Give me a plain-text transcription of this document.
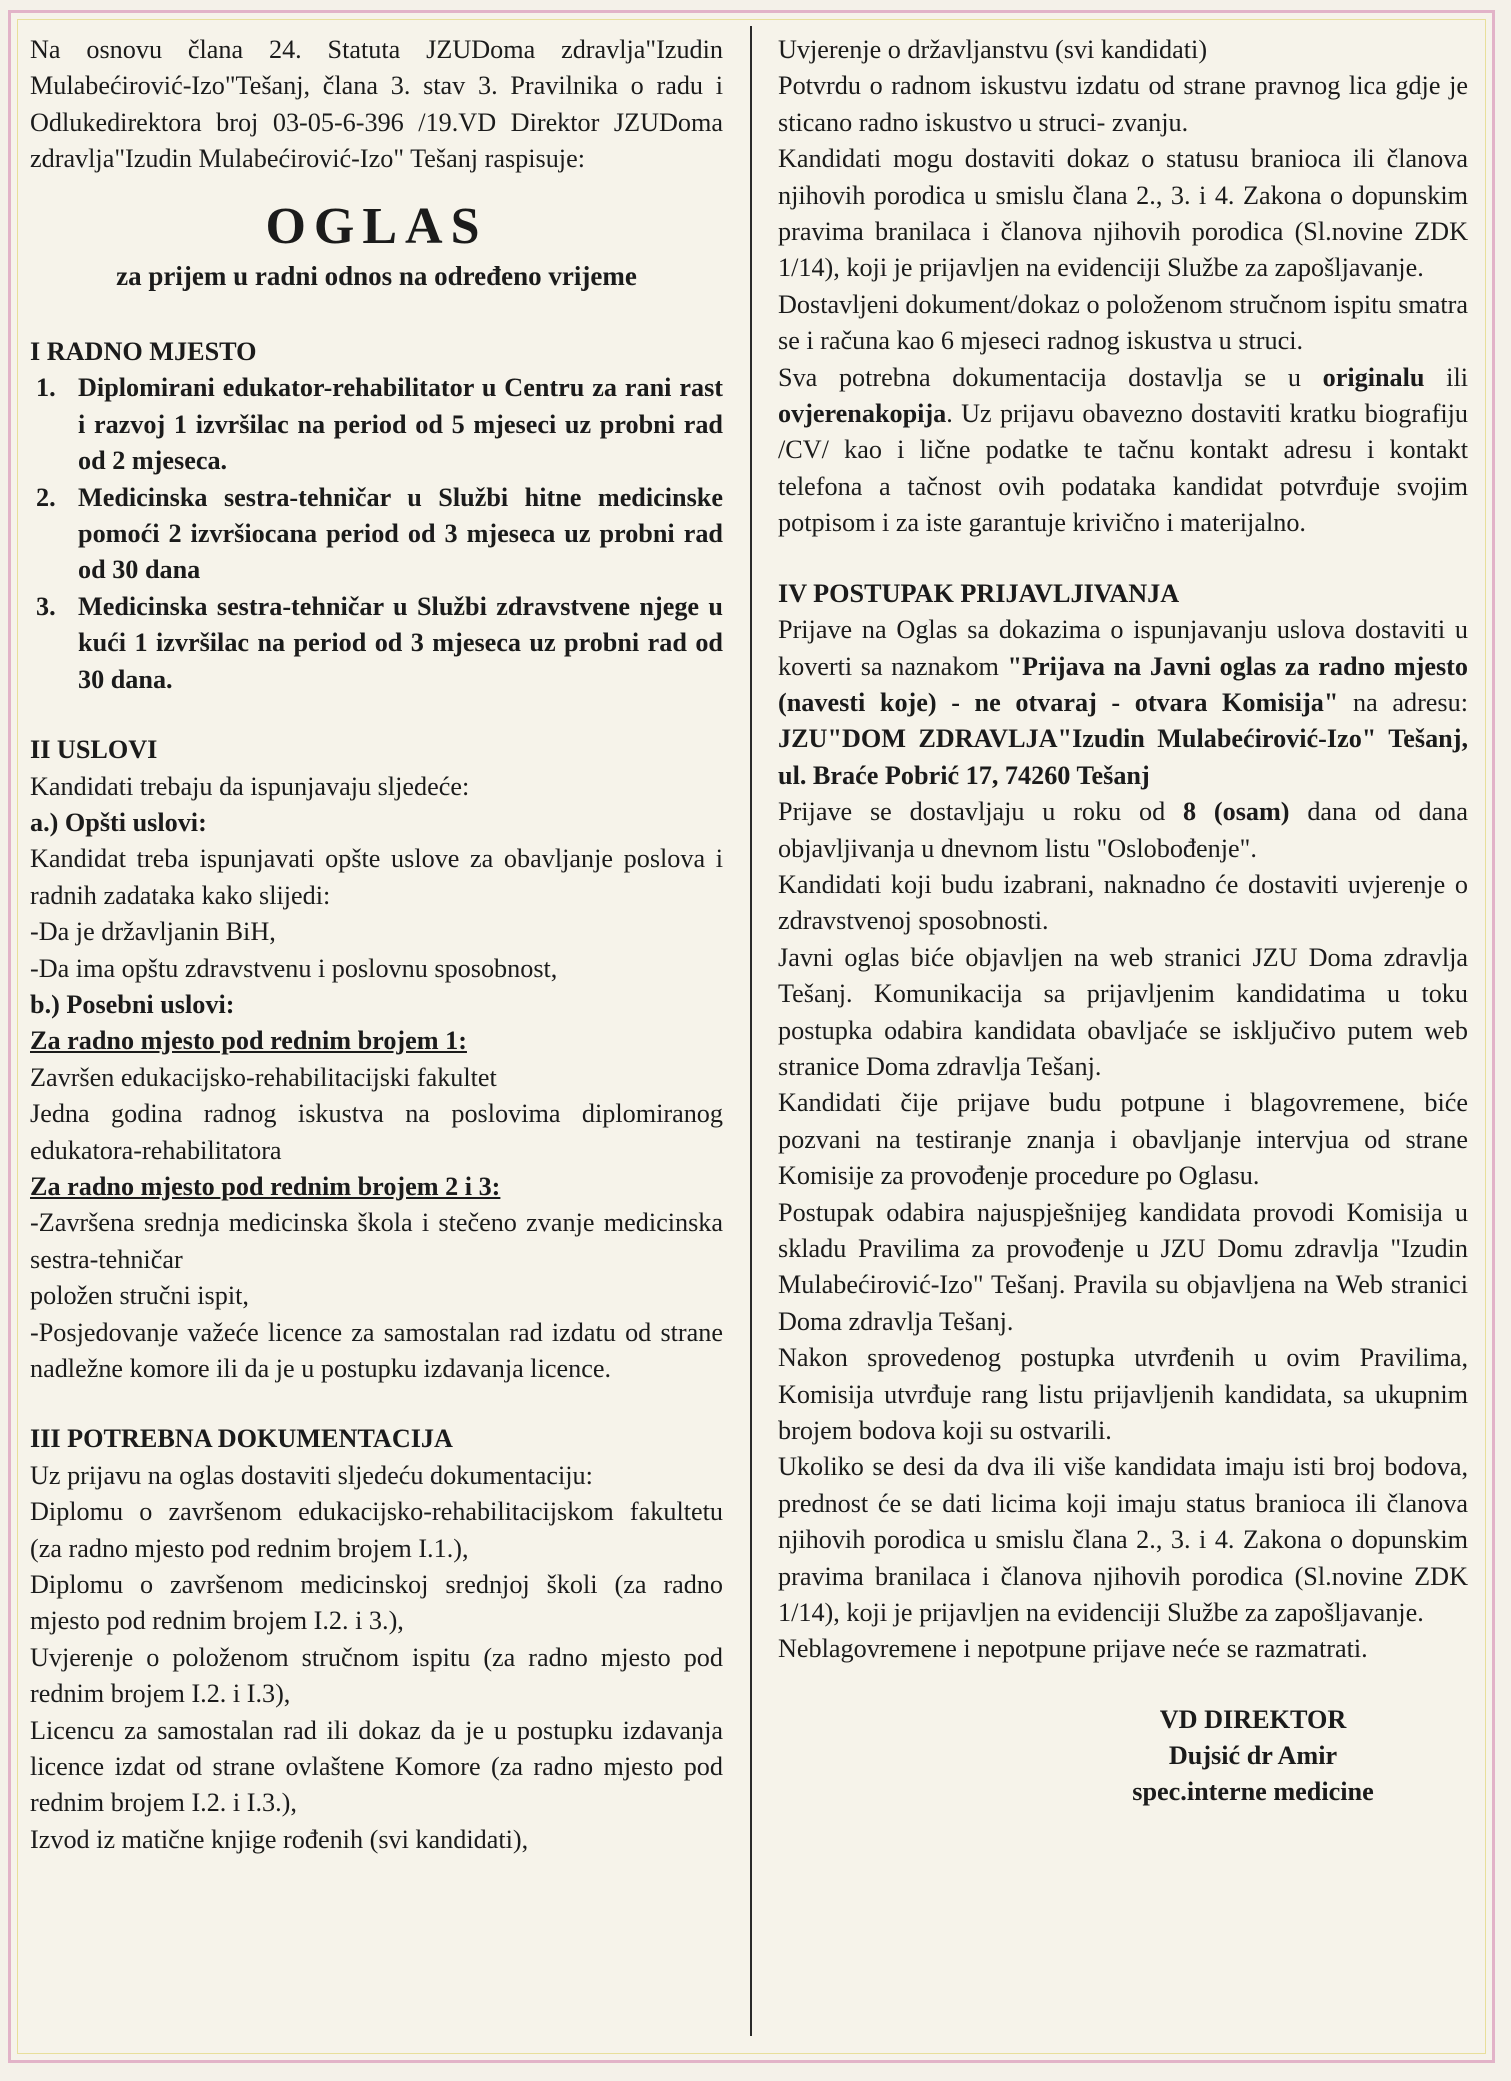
Na osnovu člana 24. Statuta JZUDoma zdravlja"Izudin Mulabećirović-Izo"Tešanj, člana 3. stav 3. Pravilnika o radu i Odlukedirektora broj 03-05-6-396 /19.VD Direktor JZUDoma zdravlja"Izudin Mulabećirović-Izo" Tešanj raspisuje:

OGLAS
za prijem u radni odnos na određeno vrijeme

I RADNO MJESTO

1. Diplomirani edukator-rehabilitator u Centru za rani rast i razvoj 1 izvršilac na period od 5 mjeseci uz probni rad od 2 mjeseca.
2. Medicinska sestra-tehničar u Službi hitne medicinske pomoći 2 izvršiocana period od 3 mjeseca uz probni rad od 30 dana
3. Medicinska sestra-tehničar u Službi zdravstvene njege u kući 1 izvršilac na period od 3 mjeseca uz probni rad od 30 dana.

II USLOVI

Kandidati trebaju da ispunjavaju sljedeće:

a.) Opšti uslovi:

Kandidat treba ispunjavati opšte uslove za obavljanje poslova i radnih zadataka kako slijedi:

-Da je državljanin BiH,

-Da ima opštu zdravstvenu i poslovnu sposobnost,

b.) Posebni uslovi:

Za radno mjesto pod rednim brojem 1:

Završen edukacijsko-rehabilitacijski fakultet

Jedna godina radnog iskustva na poslovima diplomiranog edukatora-rehabilitatora

Za radno mjesto pod rednim brojem 2 i 3:

-Završena srednja medicinska škola i stečeno zvanje medicinska sestra-tehničar

položen stručni ispit,

-Posjedovanje važeće licence za samostalan rad izdatu od strane nadležne komore ili da je u postupku izdavanja licence.

III POTREBNA DOKUMENTACIJA

Uz prijavu na oglas dostaviti sljedeću dokumentaciju:

Diplomu o završenom edukacijsko-rehabilitacijskom fakultetu (za radno mjesto pod rednim brojem I.1.),

Diplomu o završenom medicinskoj srednjoj školi (za radno mjesto pod rednim brojem I.2. i 3.),

Uvjerenje o položenom stručnom ispitu (za radno mjesto pod rednim brojem I.2. i I.3),

Licencu za samostalan rad ili dokaz da je u postupku izdavanja licence izdat od strane ovlaštene Komore (za radno mjesto pod rednim brojem I.2. i I.3.),

Izvod iz matične knjige rođenih (svi kandidati),

Uvjerenje o državljanstvu (svi kandidati)

Potvrdu o radnom iskustvu izdatu od strane pravnog lica gdje je sticano radno iskustvo u struci- zvanju.

Kandidati mogu dostaviti dokaz o statusu branioca ili članova njihovih porodica u smislu člana 2., 3. i 4. Zakona o dopunskim pravima branilaca i članova njihovih porodica (Sl.novine ZDK 1/14), koji je prijavljen na evidenciji Službe za zapošljavanje.

Dostavljeni dokument/dokaz o položenom stručnom ispitu smatra se i računa kao 6 mjeseci radnog iskustva u struci.

Sva potrebna dokumentacija dostavlja se u originalu ili ovjerenakopija. Uz prijavu obavezno dostaviti kratku biografiju /CV/ kao i lične podatke te tačnu kontakt adresu i kontakt telefona a tačnost ovih podataka kandidat potvrđuje svojim potpisom i za iste garantuje krivično i materijalno.

IV POSTUPAK PRIJAVLJIVANJA

Prijave na Oglas sa dokazima o ispunjavanju uslova dostaviti u koverti sa naznakom "Prijava na Javni oglas za radno mjesto (navesti koje) - ne otvaraj - otvara Komisija" na adresu: JZU"DOM ZDRAVLJA"Izudin Mulabećirović-Izo" Tešanj, ul. Braće Pobrić 17, 74260 Tešanj

Prijave se dostavljaju u roku od 8 (osam) dana od dana objavljivanja u dnevnom listu "Oslobođenje".

Kandidati koji budu izabrani, naknadno će dostaviti uvjerenje o zdravstvenoj sposobnosti.

Javni oglas biće objavljen na web stranici JZU Doma zdravlja Tešanj. Komunikacija sa prijavljenim kandidatima u toku postupka odabira kandidata obavljaće se isključivo putem web stranice Doma zdravlja Tešanj.

Kandidati čije prijave budu potpune i blagovremene, biće pozvani na testiranje znanja i obavljanje intervjua od strane Komisije za provođenje procedure po Oglasu.

Postupak odabira najuspješnijeg kandidata provodi Komisija u skladu Pravilima za provođenje u JZU Domu zdravlja "Izudin Mulabećirović-Izo" Tešanj. Pravila su objavljena na Web stranici Doma zdravlja Tešanj.

Nakon sprovedenog postupka utvrđenih u ovim Pravilima, Komisija utvrđuje rang listu prijavljenih kandidata, sa ukupnim brojem bodova koji su ostvarili.

Ukoliko se desi da dva ili više kandidata imaju isti broj bodova, prednost će se dati licima koji imaju status branioca ili članova njihovih porodica u smislu člana 2., 3. i 4. Zakona o dopunskim pravima branilaca i članova njihovih porodica (Sl.novine ZDK 1/14), koji je prijavljen na evidenciji Službe za zapošljavanje.

Neblagovremene i nepotpune prijave neće se razmatrati.

VD DIREKTOR
Dujsić dr Amir
spec.interne medicine
